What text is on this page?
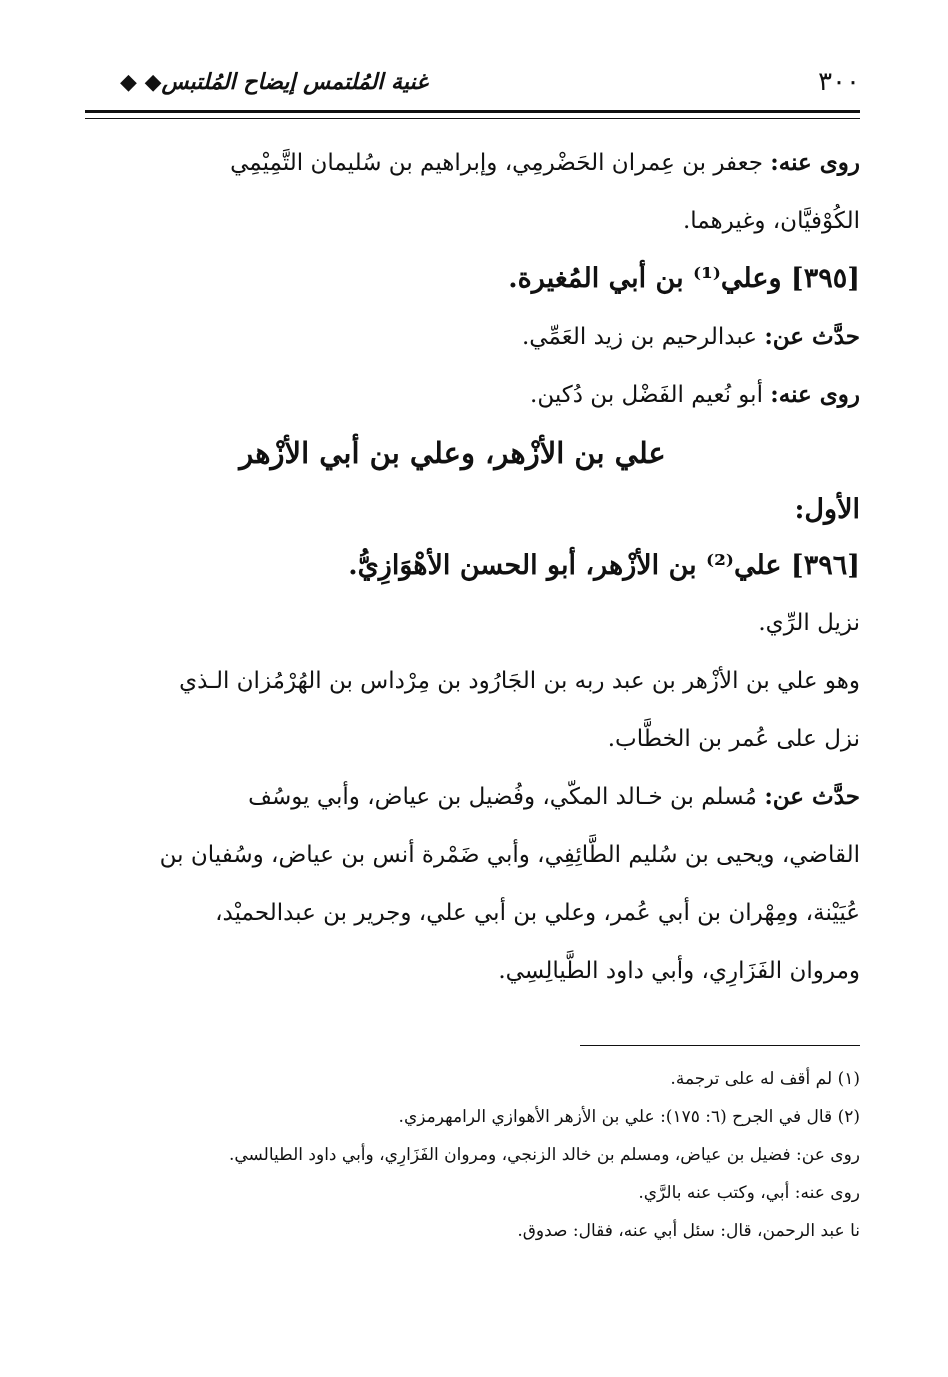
٣٠٠
غنية المُلتمس إيضاح المُلتبس◆ ◆
روى عنه: جعفر بن عِمران الحَضْرمِي، وإبراهيم بن سُليمان التَّمِيْمِي
الكُوْفيَّان، وغيرهما.
[٣٩٥] وعلي⁽¹⁾ بن أبي المُغيرة.
حدَّث عن: عبدالرحيم بن زيد العَمِّي.
روى عنه: أبو نُعيم الفَضْل بن دُكين.
علي بن الأزْهر، وعلي بن أبي الأزْهر
الأول:
[٣٩٦] علي⁽²⁾ بن الأزْهر، أبو الحسن الأهْوَازِيُّ.
نزيل الرِّي.
وهو علي بن الأزْهر بن عبد ربه بن الجَارُود بن مِرْداس بن الهُرْمُزان الـذي
نزل على عُمر بن الخطَّاب.
حدَّث عن: مُسلم بن خـالد المكّي، وفُضيل بن عياض، وأبي يوسُف
القاضي، ويحيى بن سُليم الطَّائِفِي، وأبي ضَمْرة أنس بن عياض، وسُفيان بن
عُيَيْنة، ومِهْران بن أبي عُمر، وعلي بن أبي علي، وجرير بن عبدالحميْد،
ومروان الفَزَارِي، وأبي داود الطَّيالِسِي.
(١) لم أقف له على ترجمة.
(٢) قال في الجرح (٦: ١٧٥): علي بن الأزهر الأهوازي الرامهرمزي.
روى عن: فضيل بن عياض، ومسلم بن خالد الزنجي، ومروان الفَزَارِي، وأبي داود الطيالسي.
روى عنه: أبي، وكتب عنه بالرَّي.
نا عبد الرحمن، قال: سئل أبي عنه، فقال: صدوق.
